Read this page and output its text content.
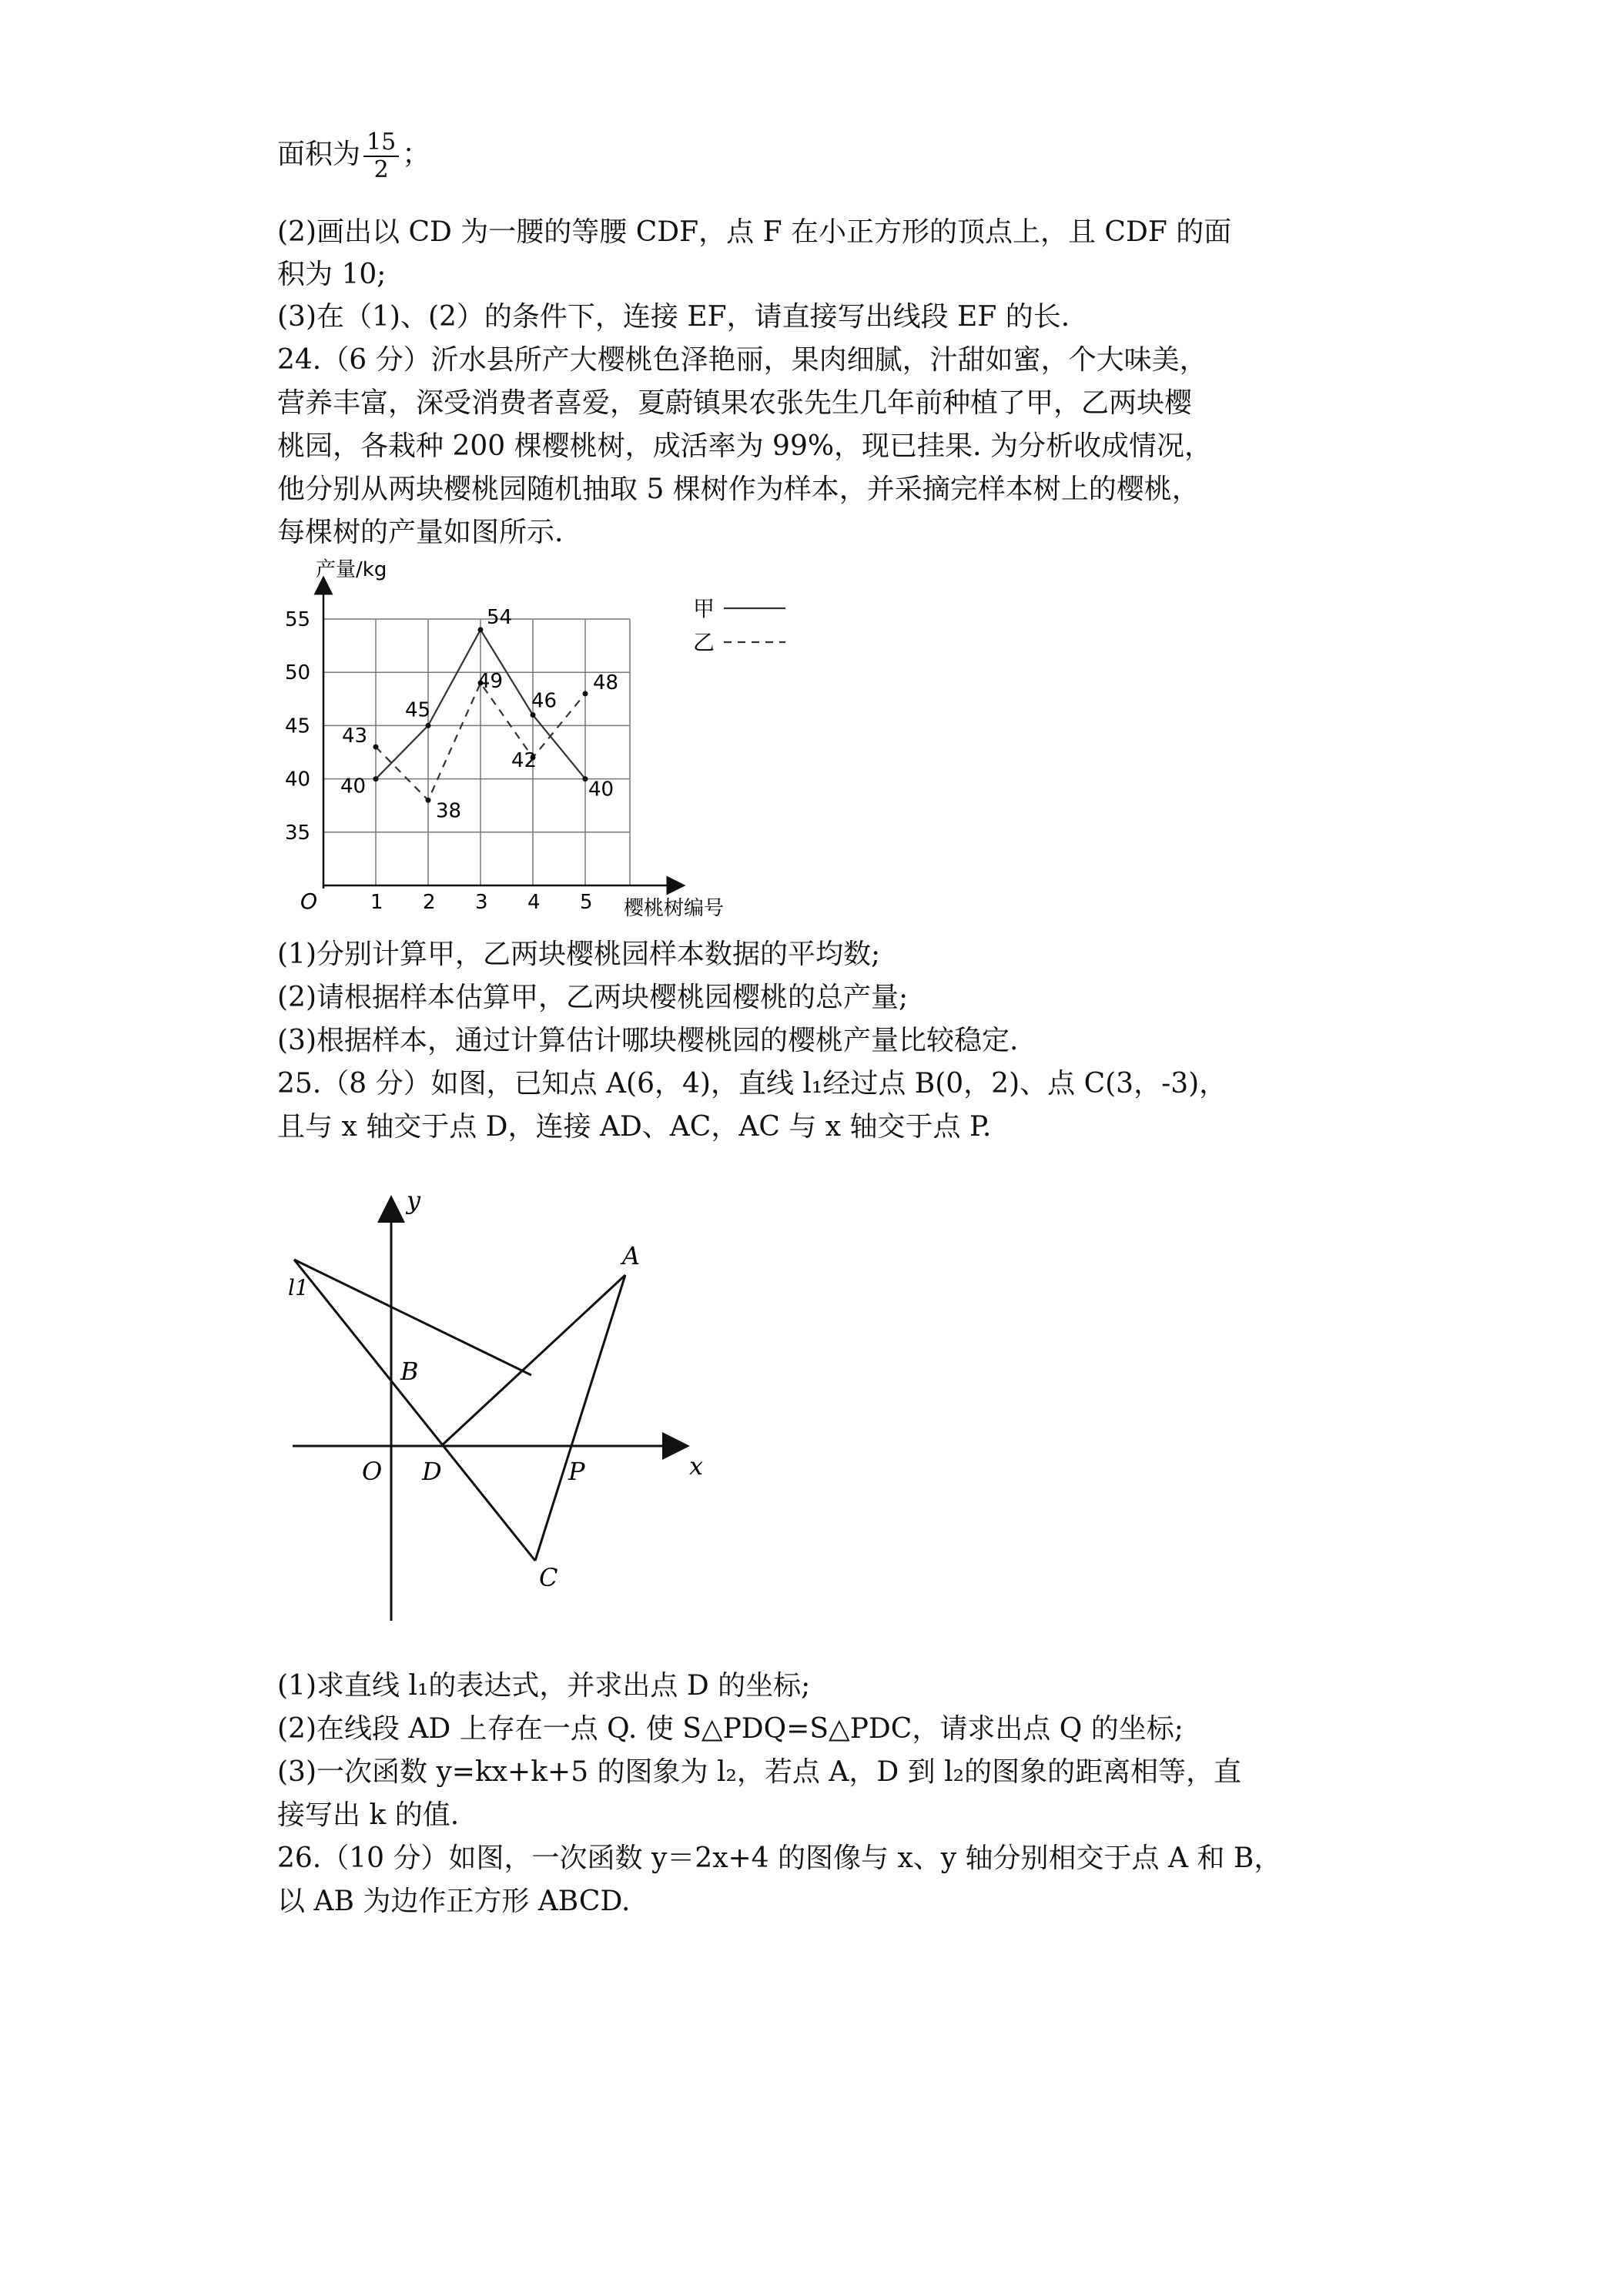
面积为 $\frac{15}{2}$ ；
(2)画出以 CD 为一腰的等腰 CDF，点 F 在小正方形的顶点上，且 CDF 的面
积为 10;
(3)在（1)、(2）的条件下，连接 EF，请直接写出线段 EF 的长.
24.（6 分）沂水县所产大樱桃色泽艳丽，果肉细腻，汁甜如蜜，个大味美，
营养丰富，深受消费者喜爱，夏蔚镇果农张先生几年前种植了甲，乙两块樱
桃园，各栽种 200 棵樱桃树，成活率为 99%，现已挂果. 为分析收成情况，
他分别从两块樱桃园随机抽取 5 棵树作为样本，并采摘完样本树上的樱桃，
每棵树的产量如图所示.
产量/kg
樱桃树编号
O
35
40
45
50
55
1 2 3 4 5
40
45
54
46
40
43
38
49
42
48
甲
乙
(1)分别计算甲，乙两块樱桃园样本数据的平均数;
(2)请根据样本估算甲，乙两块樱桃园樱桃的总产量;
(3)根据样本，通过计算估计哪块樱桃园的樱桃产量比较稳定.
25.（8 分）如图，已知点 A(6，4)，直线 l₁经过点 B(0，2)、点 C(3，-3)，
且与 x 轴交于点 D，连接 AD、AC，AC 与 x 轴交于点 P.
y
x
O
A
B
C
D	P
l1
(1)求直线 l₁的表达式，并求出点 D 的坐标;
(2)在线段 AD 上存在一点 Q. 使 S△PDQ=S△PDC，请求出点 Q 的坐标;
(3)一次函数 y=kx+k+5 的图象为 l₂，若点 A，D 到 l₂的图象的距离相等，直
接写出 k 的值.
26.（10 分）如图，一次函数 y＝2x+4 的图像与 x、y 轴分别相交于点 A 和 B，
以 AB 为边作正方形 ABCD.
